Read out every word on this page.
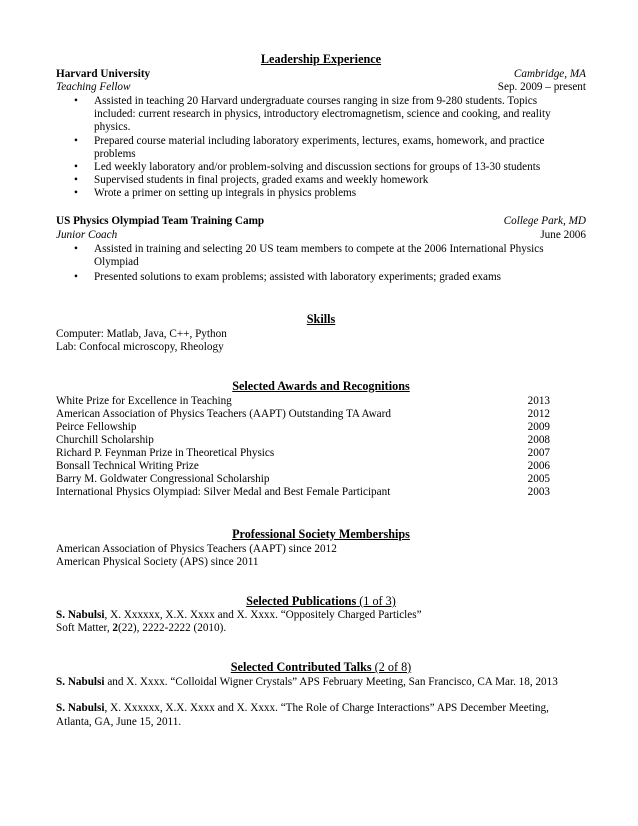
Leadership Experience
Harvard University	Cambridge, MA
Teaching Fellow	Sep. 2009 – present
• Assisted in teaching 20 Harvard undergraduate courses ranging in size from 9-280 students. Topics included: current research in physics, introductory electromagnetism, science and cooking, and reality physics.
• Prepared course material including laboratory experiments, lectures, exams, homework, and practice problems
• Led weekly laboratory and/or problem-solving and discussion sections for groups of 13-30 students
• Supervised students in final projects, graded exams and weekly homework
• Wrote a primer on setting up integrals in physics problems
US Physics Olympiad Team Training Camp	College Park, MD
Junior Coach	June 2006
• Assisted in training and selecting 20 US team members to compete at the 2006 International Physics Olympiad
• Presented solutions to exam problems; assisted with laboratory experiments; graded exams
Skills
Computer: Matlab, Java, C++, Python
Lab: Confocal microscopy, Rheology
Selected Awards and Recognitions
White Prize for Excellence in Teaching	2013
American Association of Physics Teachers (AAPT) Outstanding TA Award	2012
Peirce Fellowship	2009
Churchill Scholarship	2008
Richard P. Feynman Prize in Theoretical Physics	2007
Bonsall Technical Writing Prize	2006
Barry M. Goldwater Congressional Scholarship	2005
International Physics Olympiad: Silver Medal and Best Female Participant	2003
Professional Society Memberships
American Association of Physics Teachers (AAPT) since 2012
American Physical Society (APS) since 2011
Selected Publications (1 of 3)
S. Nabulsi, X. Xxxxxx, X.X. Xxxx and X. Xxxx. “Oppositely Charged Particles”
Soft Matter, 2(22), 2222-2222 (2010).
Selected Contributed Talks (2 of 8)
S. Nabulsi and X. Xxxx. “Colloidal Wigner Crystals” APS February Meeting, San Francisco, CA Mar. 18, 2013
S. Nabulsi, X. Xxxxxx, X.X. Xxxx and X. Xxxx. “The Role of Charge Interactions” APS December Meeting,
Atlanta, GA, June 15, 2011.
